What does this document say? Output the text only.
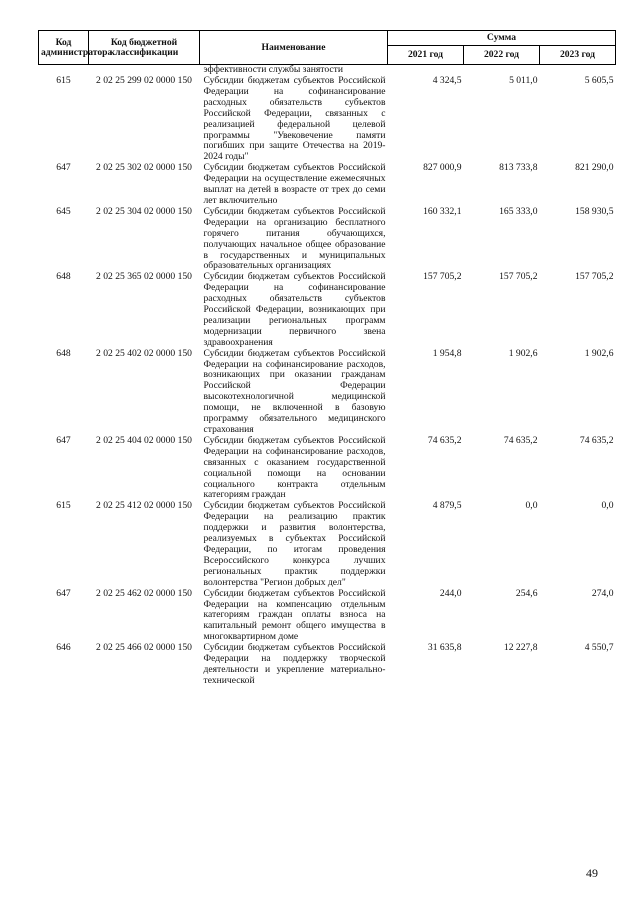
Код администратора	Код бюджетной классификации	Наименование	Сумма		
			2021 год	2022 год	2023 год
		эффективности службы занятости			
615	2 02 25 299 02 0000 150	Субсидии бюджетам субъектов Российской Федерации на софинансирование расходных обязательств субъектов Российской Федерации, связанных с реализацией федеральной целевой программы "Увековечение памяти погибших при защите Отечества на 2019-2024 годы"	4 324,5	5 011,0	5 605,5
647	2 02 25 302 02 0000 150	Субсидии бюджетам субъектов Российской Федерации на осуществление ежемесячных выплат на детей в возрасте от трех до семи лет включительно	827 000,9	813 733,8	821 290,0
645	2 02 25 304 02 0000 150	Субсидии бюджетам субъектов Российской Федерации на организацию бесплатного горячего питания обучающихся, получающих начальное общее образование в государственных и муниципальных образовательных организациях	160 332,1	165 333,0	158 930,5
648	2 02 25 365 02 0000 150	Субсидии бюджетам субъектов Российской Федерации на софинансирование расходных обязательств субъектов Российской Федерации, возникающих при реализации региональных программ модернизации первичного звена здравоохранения	157 705,2	157 705,2	157 705,2
648	2 02 25 402 02 0000 150	Субсидии бюджетам субъектов Российской Федерации на софинансирование расходов, возникающих при оказании гражданам Российской Федерации высокотехнологичной медицинской помощи, не включенной в базовую программу обязательного медицинского страхования	1 954,8	1 902,6	1 902,6
647	2 02 25 404 02 0000 150	Субсидии бюджетам субъектов Российской Федерации на софинансирование расходов, связанных с оказанием государственной социальной помощи на основании социального контракта отдельным категориям граждан	74 635,2	74 635,2	74 635,2
615	2 02 25 412 02 0000 150	Субсидии бюджетам субъектов Российской Федерации на реализацию практик поддержки и развития волонтерства, реализуемых в субъектах Российской Федерации, по итогам проведения Всероссийского конкурса лучших региональных практик поддержки волонтерства "Регион добрых дел"	4 879,5	0,0	0,0
647	2 02 25 462 02 0000 150	Субсидии бюджетам субъектов Российской Федерации на компенсацию отдельным категориям граждан оплаты взноса на капитальный ремонт общего имущества в многоквартирном доме	244,0	254,6	274,0
646	2 02 25 466 02 0000 150	Субсидии бюджетам субъектов Российской Федерации на поддержку творческой деятельности и укрепление материально-технической	31 635,8	12 227,8	4 550,7
49
